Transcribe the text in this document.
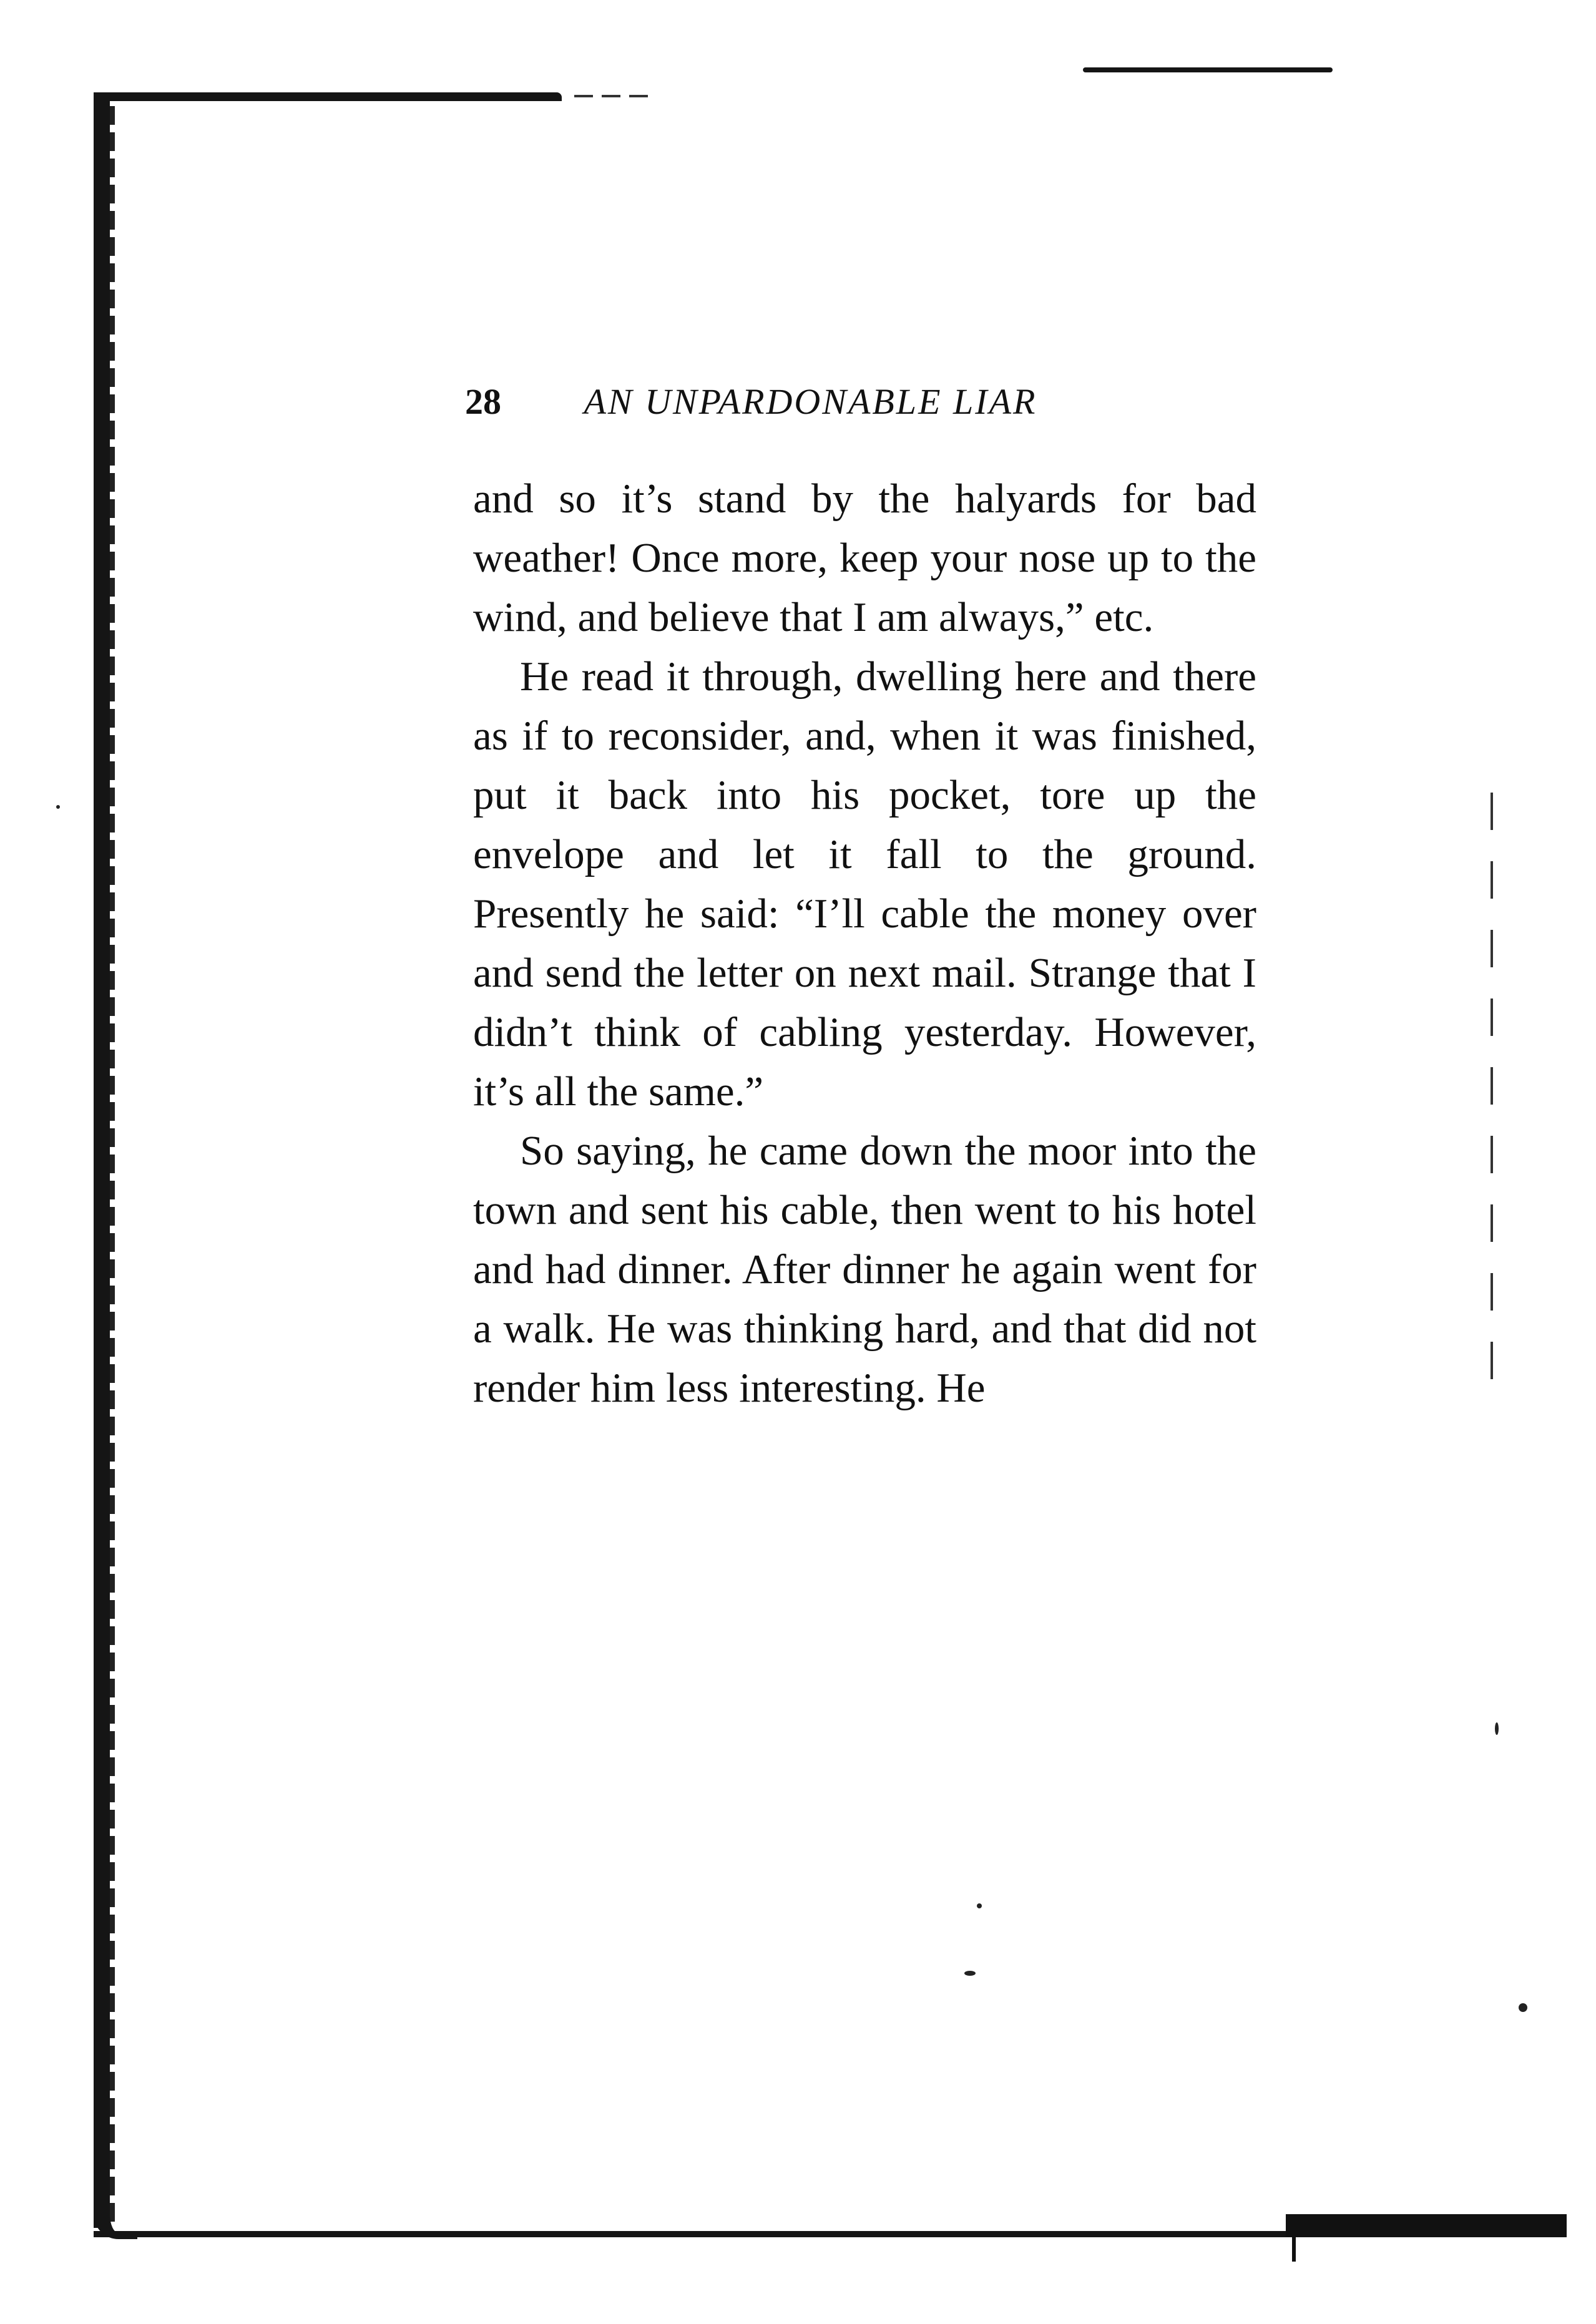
28 AN UNPARDONABLE LIAR

and so it’s stand by the halyards for bad weather! Once more, keep your nose up to the wind, and believe that I am always,” etc.

He read it through, dwelling here and there as if to reconsider, and, when it was finished, put it back into his pocket, tore up the envelope and let it fall to the ground. Presently he said: “I’ll cable the money over and send the letter on next mail. Strange that I didn’t think of cabling yesterday. However, it’s all the same.”

So saying, he came down the moor into the town and sent his cable, then went to his hotel and had dinner. After dinner he again went for a walk. He was thinking hard, and that did not render him less interesting. He
